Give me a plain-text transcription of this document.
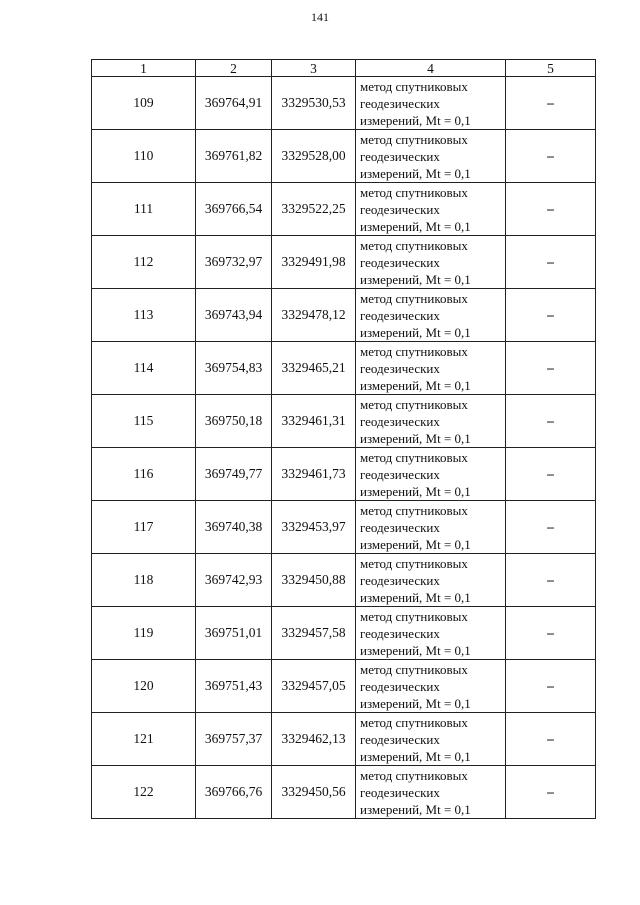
141
1	2	3	4	5
109	369764,91	3329530,53	метод спутниковых
геодезических
измерений, Mt = 0,1	–
110	369761,82	3329528,00	метод спутниковых
геодезических
измерений, Mt = 0,1	–
111	369766,54	3329522,25	метод спутниковых
геодезических
измерений, Mt = 0,1	–
112	369732,97	3329491,98	метод спутниковых
геодезических
измерений, Mt = 0,1	–
113	369743,94	3329478,12	метод спутниковых
геодезических
измерений, Mt = 0,1	–
114	369754,83	3329465,21	метод спутниковых
геодезических
измерений, Mt = 0,1	–
115	369750,18	3329461,31	метод спутниковых
геодезических
измерений, Mt = 0,1	–
116	369749,77	3329461,73	метод спутниковых
геодезических
измерений, Mt = 0,1	–
117	369740,38	3329453,97	метод спутниковых
геодезических
измерений, Mt = 0,1	–
118	369742,93	3329450,88	метод спутниковых
геодезических
измерений, Mt = 0,1	–
119	369751,01	3329457,58	метод спутниковых
геодезических
измерений, Mt = 0,1	–
120	369751,43	3329457,05	метод спутниковых
геодезических
измерений, Mt = 0,1	–
121	369757,37	3329462,13	метод спутниковых
геодезических
измерений, Mt = 0,1	–
122	369766,76	3329450,56	метод спутниковых
геодезических
измерений, Mt = 0,1	–
